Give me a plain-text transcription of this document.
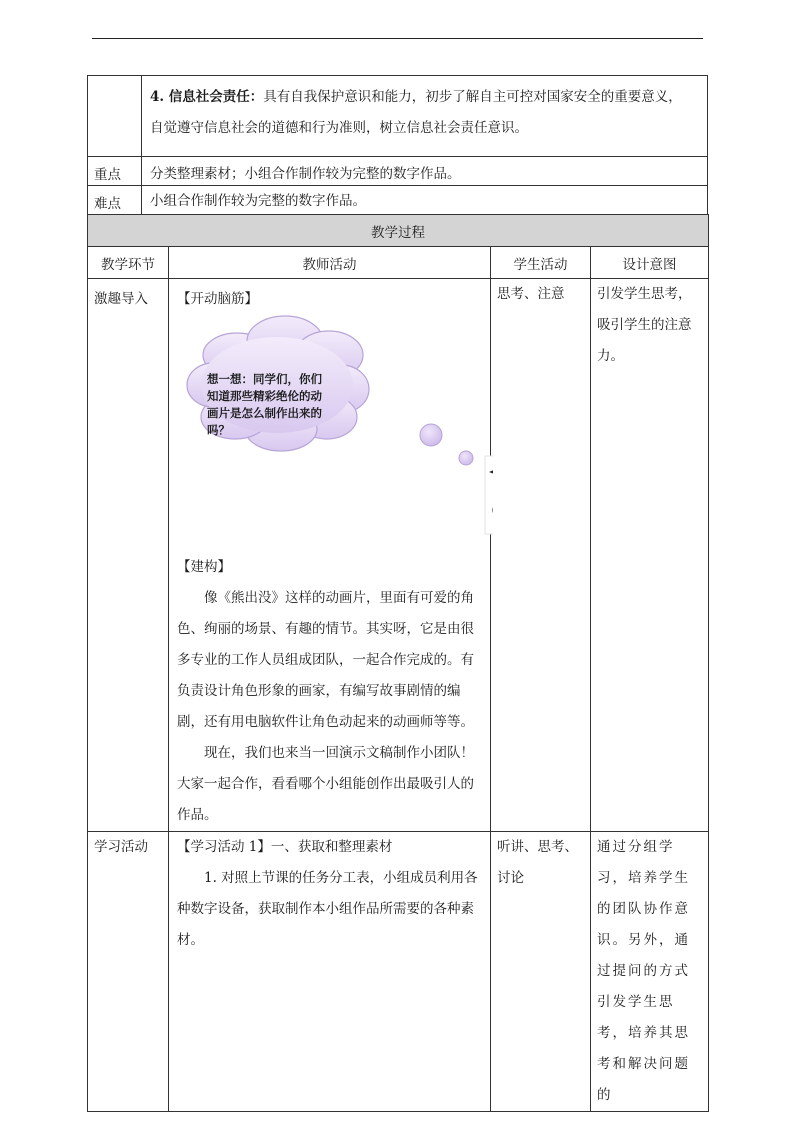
	4. 信息社会责任：具有自我保护意识和能力，初步了解自主可控对国家安全的重要意义，
自觉遵守信息社会的道德和行为准则，树立信息社会责任意识。
重点	分类整理素材；小组合作制作较为完整的数字作品。
难点	小组合作制作较为完整的数字作品。
教学过程			
教学环节	教师活动	学生活动	设计意图
激趣导入	【开动脑筋】
想一想：同学们，你们知道那些精彩绝伦的动画片是怎么制作出来的吗？
【建构】

像《熊出没》这样的动画片，里面有可爱的角色、绚丽的场景、有趣的情节。其实呀，它是由很多专业的工作人员组成团队，一起合作完成的。有负责设计角色形象的画家，有编写故事剧情的编剧，还有用电脑软件让角色动起来的动画师等等。

现在，我们也来当一回演示文稿制作小团队！大家一起合作，看看哪个小组能创作出最吸引人的作品。	思考、注意	引发学生思考，吸引学生的注意力。
学习活动	【学习活动 1】一、获取和整理素材

1. 对照上节课的任务分工表，小组成员利用各种数字设备，获取制作本小组作品所需要的各种素材。	听讲、思考、讨论	通过分组学习，培养学生的团队协作意识。另外，通过提问的方式引发学生思考，培养其思考和解决问题的
